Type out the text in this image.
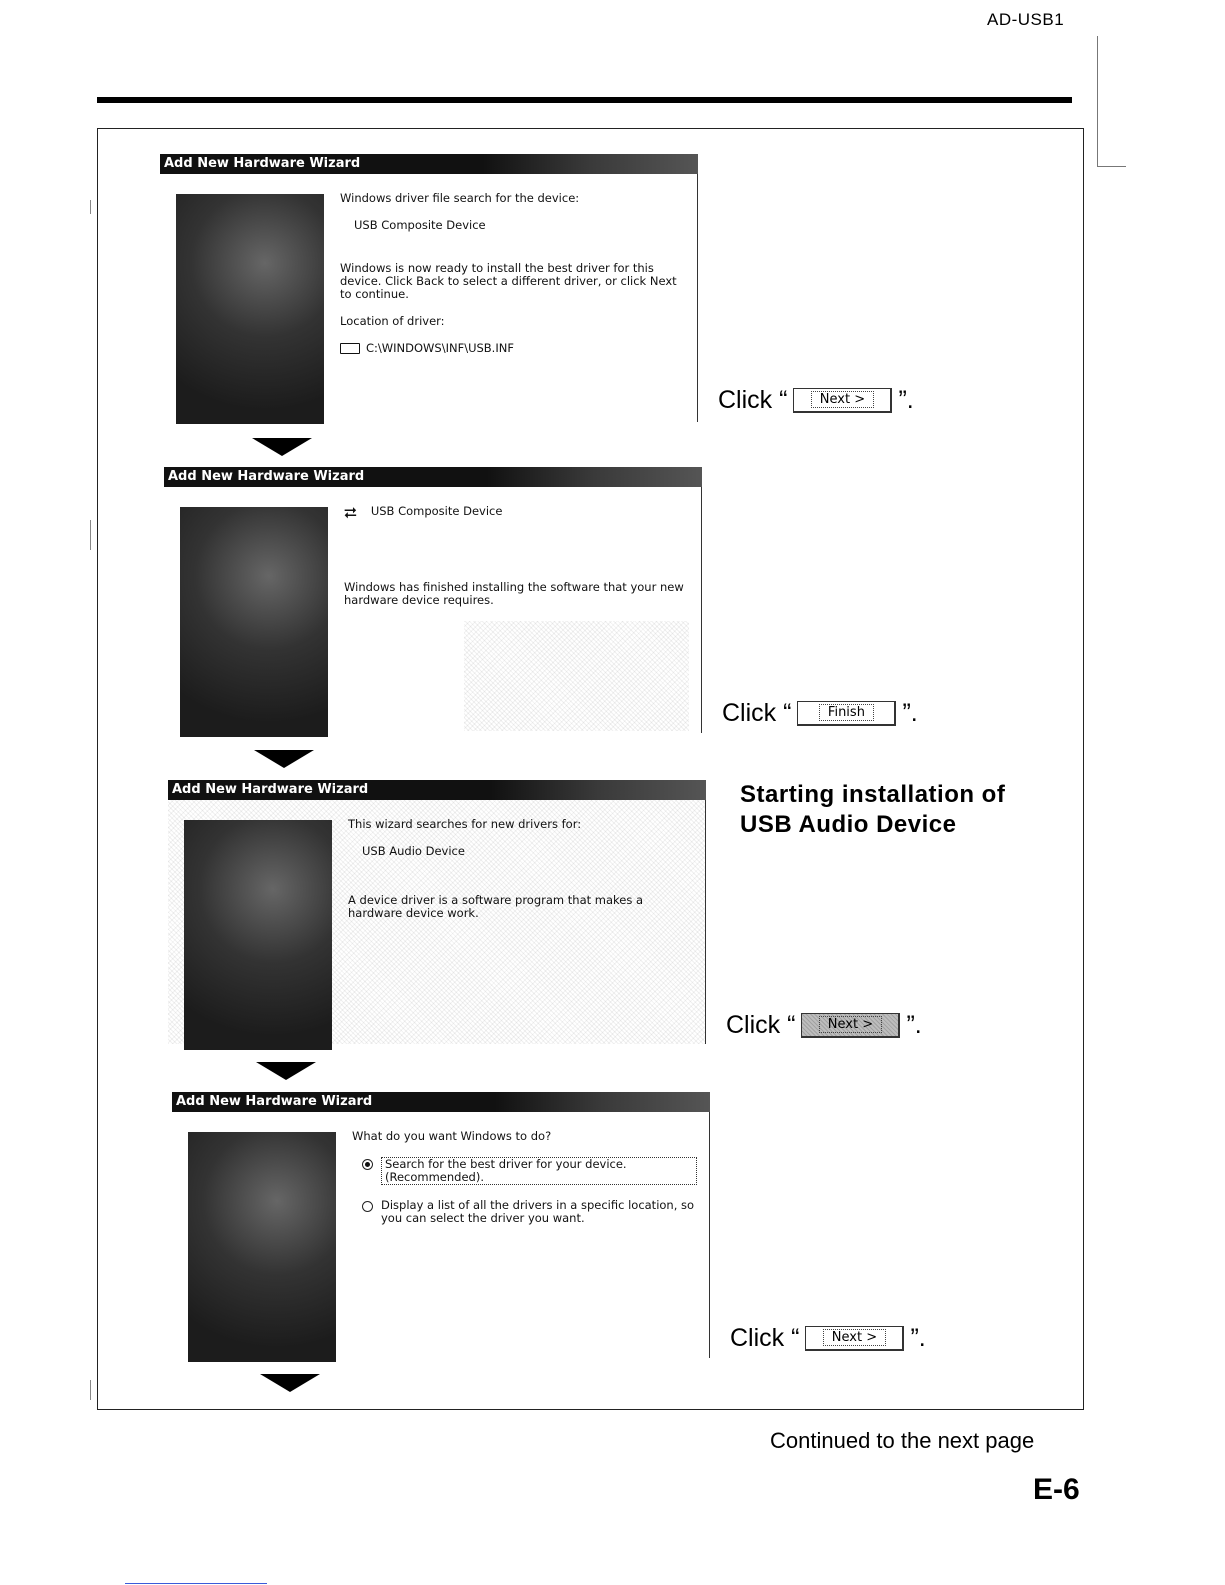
AD-USB1
Add New Hardware Wizard

Windows driver file search for the device:

USB Composite Device

Windows is now ready to install the best driver for this device. Click Back to select a different driver, or click Next to continue.

Location of driver:

C:\WINDOWS\INF\USB.INF
Add New Hardware Wizard
⮂ USB Composite Device

Windows has finished installing the software that your new hardware device requires.

Add New Hardware Wizard

This wizard searches for new drivers for:

USB Audio Device

A device driver is a software program that makes a hardware device work.

Add New Hardware Wizard

What do you want Windows to do?

Search for the best driver for your device. (Recommended).
Display a list of all the drivers in a specific location, so you can select the driver you want.
Click “	Next >	”.
Click “	Finish	”.
Starting installation of
USB Audio Device
Click “	Next >	”.
Click “	Next >	”.
Continued to the next page
E-6
